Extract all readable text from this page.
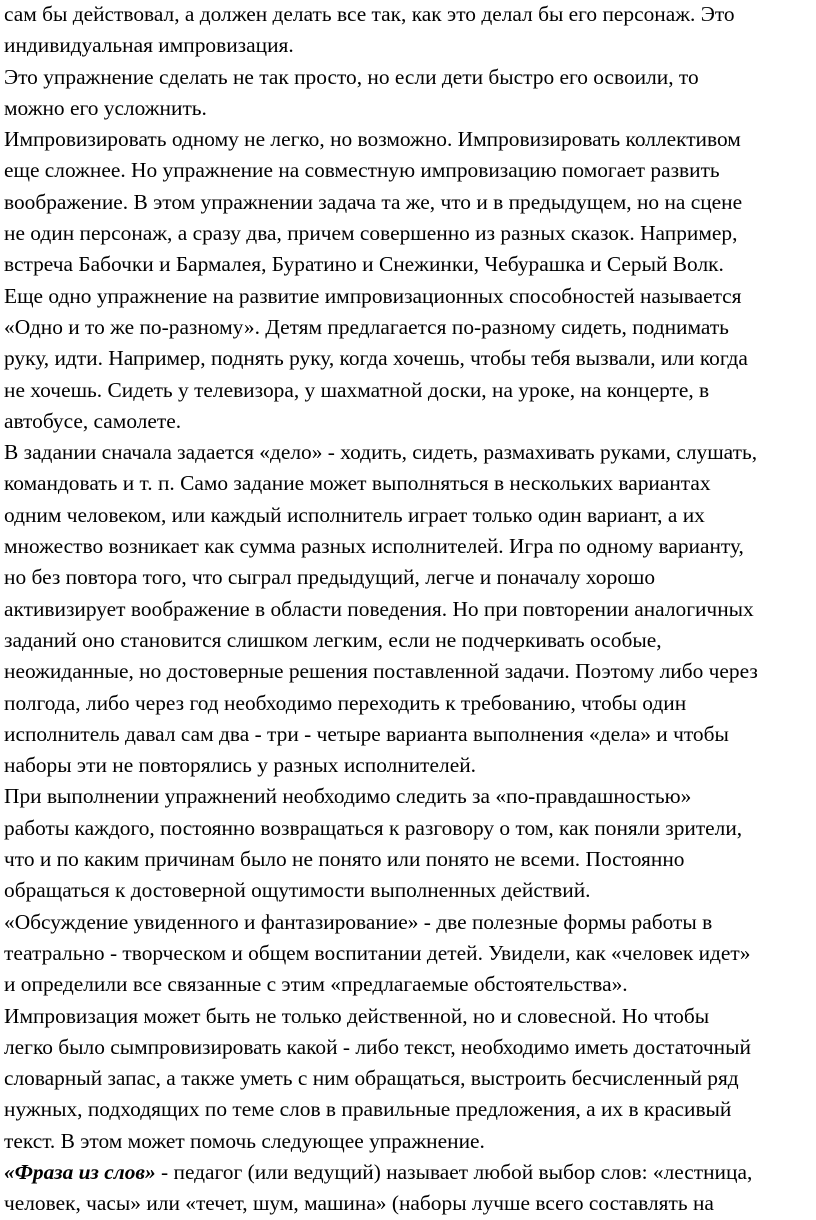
сам бы действовал, а должен делать все так, как это делал бы его персонаж. Это
индивидуальная импровизация.

Это упражнение сделать не так просто, но если дети быстро его освоили, то
можно его усложнить.

Импровизировать одному не легко, но возможно. Импровизировать коллективом
еще сложнее. Но упражнение на совместную импровизацию помогает развить
воображение. В этом упражнении задача та же, что и в предыдущем, но на сцене
не один персонаж, а сразу два, причем совершенно из разных сказок. Например,
встреча Бабочки и Бармалея, Буратино и Снежинки, Чебурашка и Серый Волк.

Еще одно упражнение на развитие импровизационных способностей называется
«Одно и то же по-разному». Детям предлагается по-разному сидеть, поднимать
руку, идти. Например, поднять руку, когда хочешь, чтобы тебя вызвали, или когда
не хочешь. Сидеть у телевизора, у шахматной доски, на уроке, на концерте, в
автобусе, самолете.

В задании сначала задается «дело» - ходить, сидеть, размахивать руками, слушать,
командовать и т. п. Само задание может выполняться в нескольких вариантах
одним человеком, или каждый исполнитель играет только один вариант, а их
множество возникает как сумма разных исполнителей. Игра по одному варианту,
но без повтора того, что сыграл предыдущий, легче и поначалу хорошо
активизирует воображение в области поведения. Но при повторении аналогичных
заданий оно становится слишком легким, если не подчеркивать особые,
неожиданные, но достоверные решения поставленной задачи. Поэтому либо через
полгода, либо через год необходимо переходить к требованию, чтобы один
исполнитель давал сам два - три - четыре варианта выполнения «дела» и чтобы
наборы эти не повторялись у разных исполнителей.

При выполнении упражнений необходимо следить за «по-правдашностью»
работы каждого, постоянно возвращаться к разговору о том, как поняли зрители,
что и по каким причинам было не понято или понято не всеми. Постоянно
обращаться к достоверной ощутимости выполненных действий.

«Обсуждение увиденного и фантазирование» - две полезные формы работы в
театрально - творческом и общем воспитании детей. Увидели, как «человек идет»
и определили все связанные с этим «предлагаемые обстоятельства».

Импровизация может быть не только действенной, но и словесной. Но чтобы
легко было сымпровизировать какой - либо текст, необходимо иметь достаточный
словарный запас, а также уметь с ним обращаться, выстроить бесчисленный ряд
нужных, подходящих по теме слов в правильные предложения, а их в красивый
текст. В этом может помочь следующее упражнение.

«Фраза из слов» - педагог (или ведущий) называет любой выбор слов: «лестница,
человек, часы» или «течет, шум, машина» (наборы лучше всего составлять на
